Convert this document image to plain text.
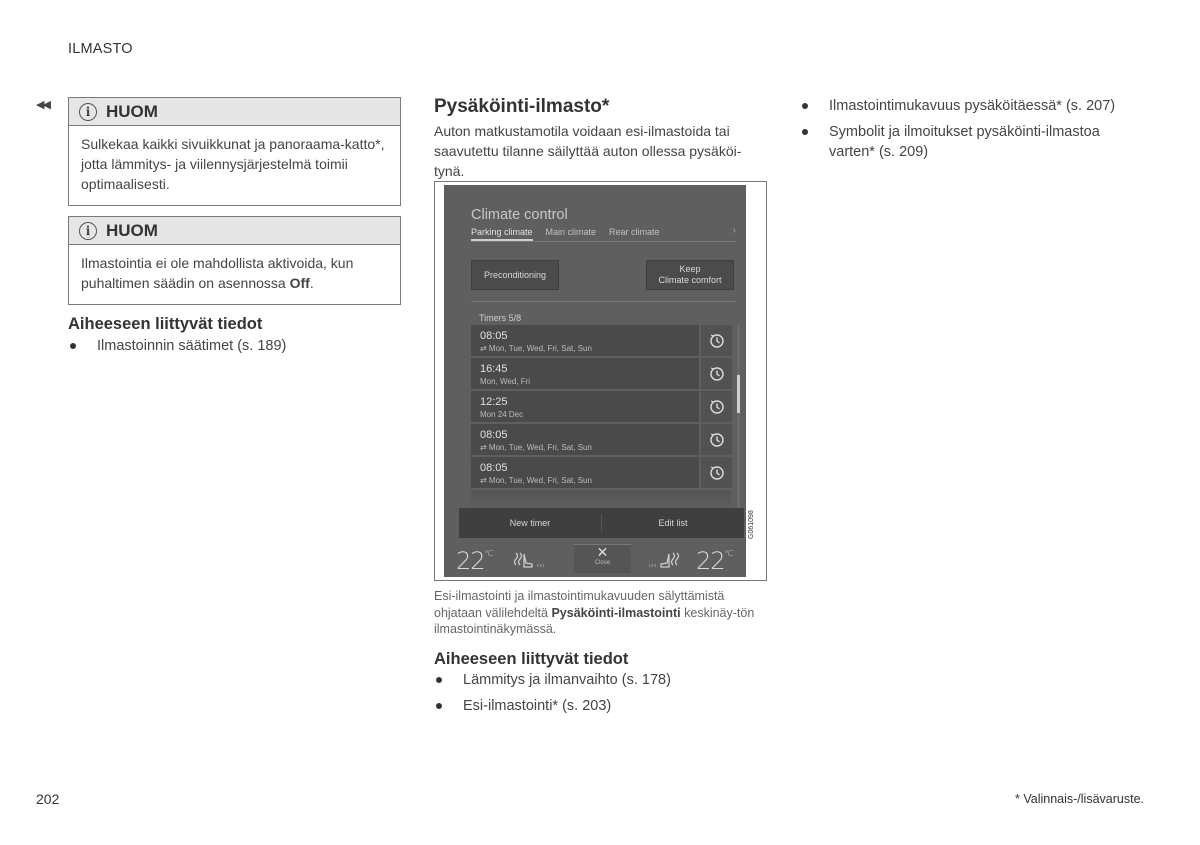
ILMASTO
◀◀	i HUOM
Sulkekaa kaikki sivuikkunat ja panoraama-katto*, jotta lämmitys- ja viilennysjärjestelmä toimii optimaalisesti.
i HUOM
Ilmastointia ei ole mahdollista aktivoida, kun puhaltimen säädin on asennossa Off.
Aiheeseen liittyvät tiedot
Ilmastoinnin säätimet (s. 189)
Pysäköinti-ilmasto*
Auton matkustamotila voidaan esi-ilmastoida tai saavutettu tilanne säilyttää auton ollessa pysäköi-tynä.
Climate control
Parking climate Main climate Rear climate	›
Preconditioning
Keep
Climate comfort
Timers 5/8
08:05
⇄ Mon, Tue, Wed, Fri, Sat, Sun
16:45
Mon, Wed, Fri
12:25
Mon 24 Dec
08:05
⇄ Mon, Tue, Wed, Fri, Sat, Sun
08:05
⇄ Mon, Tue, Wed, Fri, Sat, Sun
New timer	Edit list
$22^{^\circ C}$	✕
Close	$22^{^\circ C}$
G061098
Esi-ilmastointi ja ilmastointimukavuuden sälyttämistä ohjataan välilehdeltä Pysäköinti-ilmastointi keskinäy-tön ilmastointinäkymässä.
Aiheeseen liittyvät tiedot
Lämmitys ja ilmanvaihto (s. 178)
Esi-ilmastointi* (s. 203)
Ilmastointimukavuus pysäköitäessä* (s. 207)
Symbolit ja ilmoitukset pysäköinti-ilmastoa varten* (s. 209)
202	* Valinnais-/lisävaruste.
